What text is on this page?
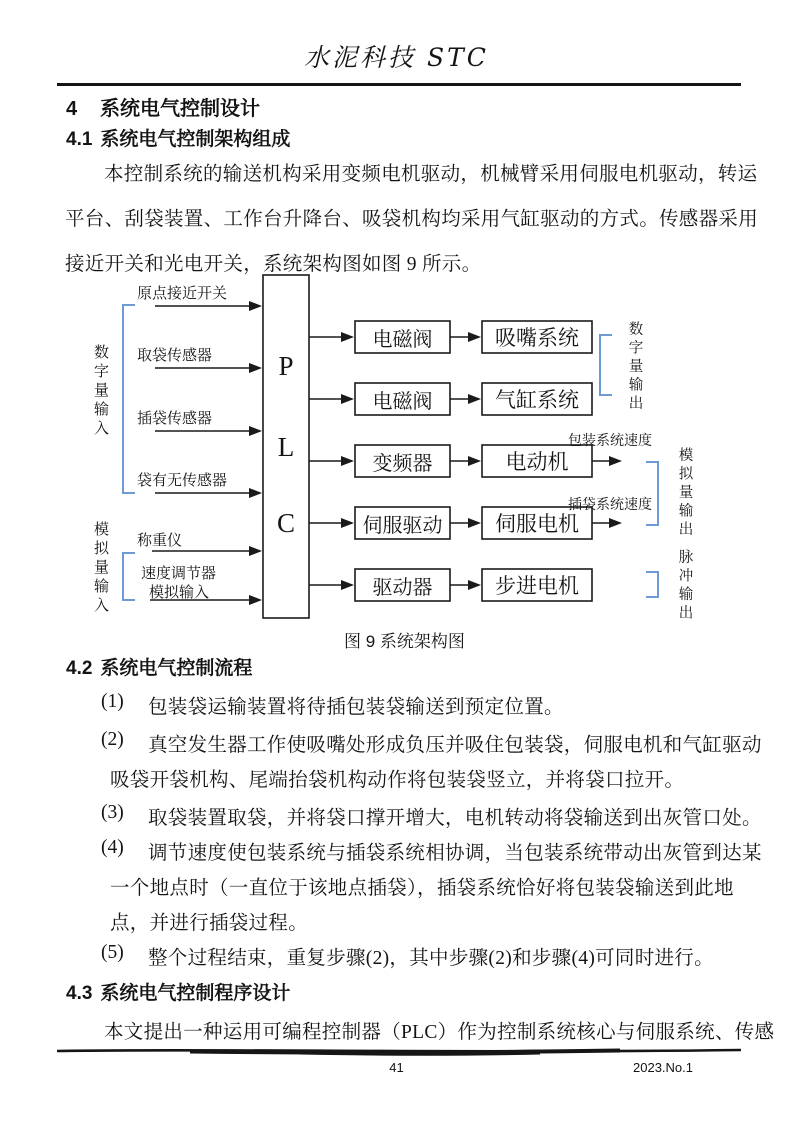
水泥科技 STC
4 系统电气控制设计
4.1 系统电气控制架构组成
本控制系统的输送机构采用变频电机驱动，机械臂采用伺服电机驱动，转运
平台、刮袋装置、工作台升降台、吸袋机构均采用气缸驱动的方式。传感器采用
接近开关和光电开关，系统架构图如图 9 所示。
原点接近开关
取袋传感器
插袋传感器
袋有无传感器
称重仪
速度调节器
模拟输入
数字量输入
模拟量输入
P
L
C
电磁阀
电磁阀
变频器
伺服驱动
驱动器
吸嘴系统
气缸系统
电动机
伺服电机
步进电机
包装系统速度
插袋系统速度
数字量输出
模拟量输出
脉冲输出
图 9 系统架构图
4.2 系统电气控制流程
(1) 包装袋运输装置将待插包装袋输送到预定位置。
(2) 真空发生器工作使吸嘴处形成负压并吸住包装袋，伺服电机和气缸驱动
吸袋开袋机构、尾端抬袋机构动作将包装袋竖立，并将袋口拉开。
(3) 取袋装置取袋，并将袋口撑开增大，电机转动将袋输送到出灰管口处。
(4) 调节速度使包装系统与插袋系统相协调，当包装系统带动出灰管到达某
一个地点时（一直位于该地点插袋），插袋系统恰好将包装袋输送到此地
点，并进行插袋过程。
(5) 整个过程结束，重复步骤(2)，其中步骤(2)和步骤(4)可同时进行。
4.3 系统电气控制程序设计
本文提出一种运用可编程控制器（PLC）作为控制系统核心与伺服系统、传感
41	2023.No.1
